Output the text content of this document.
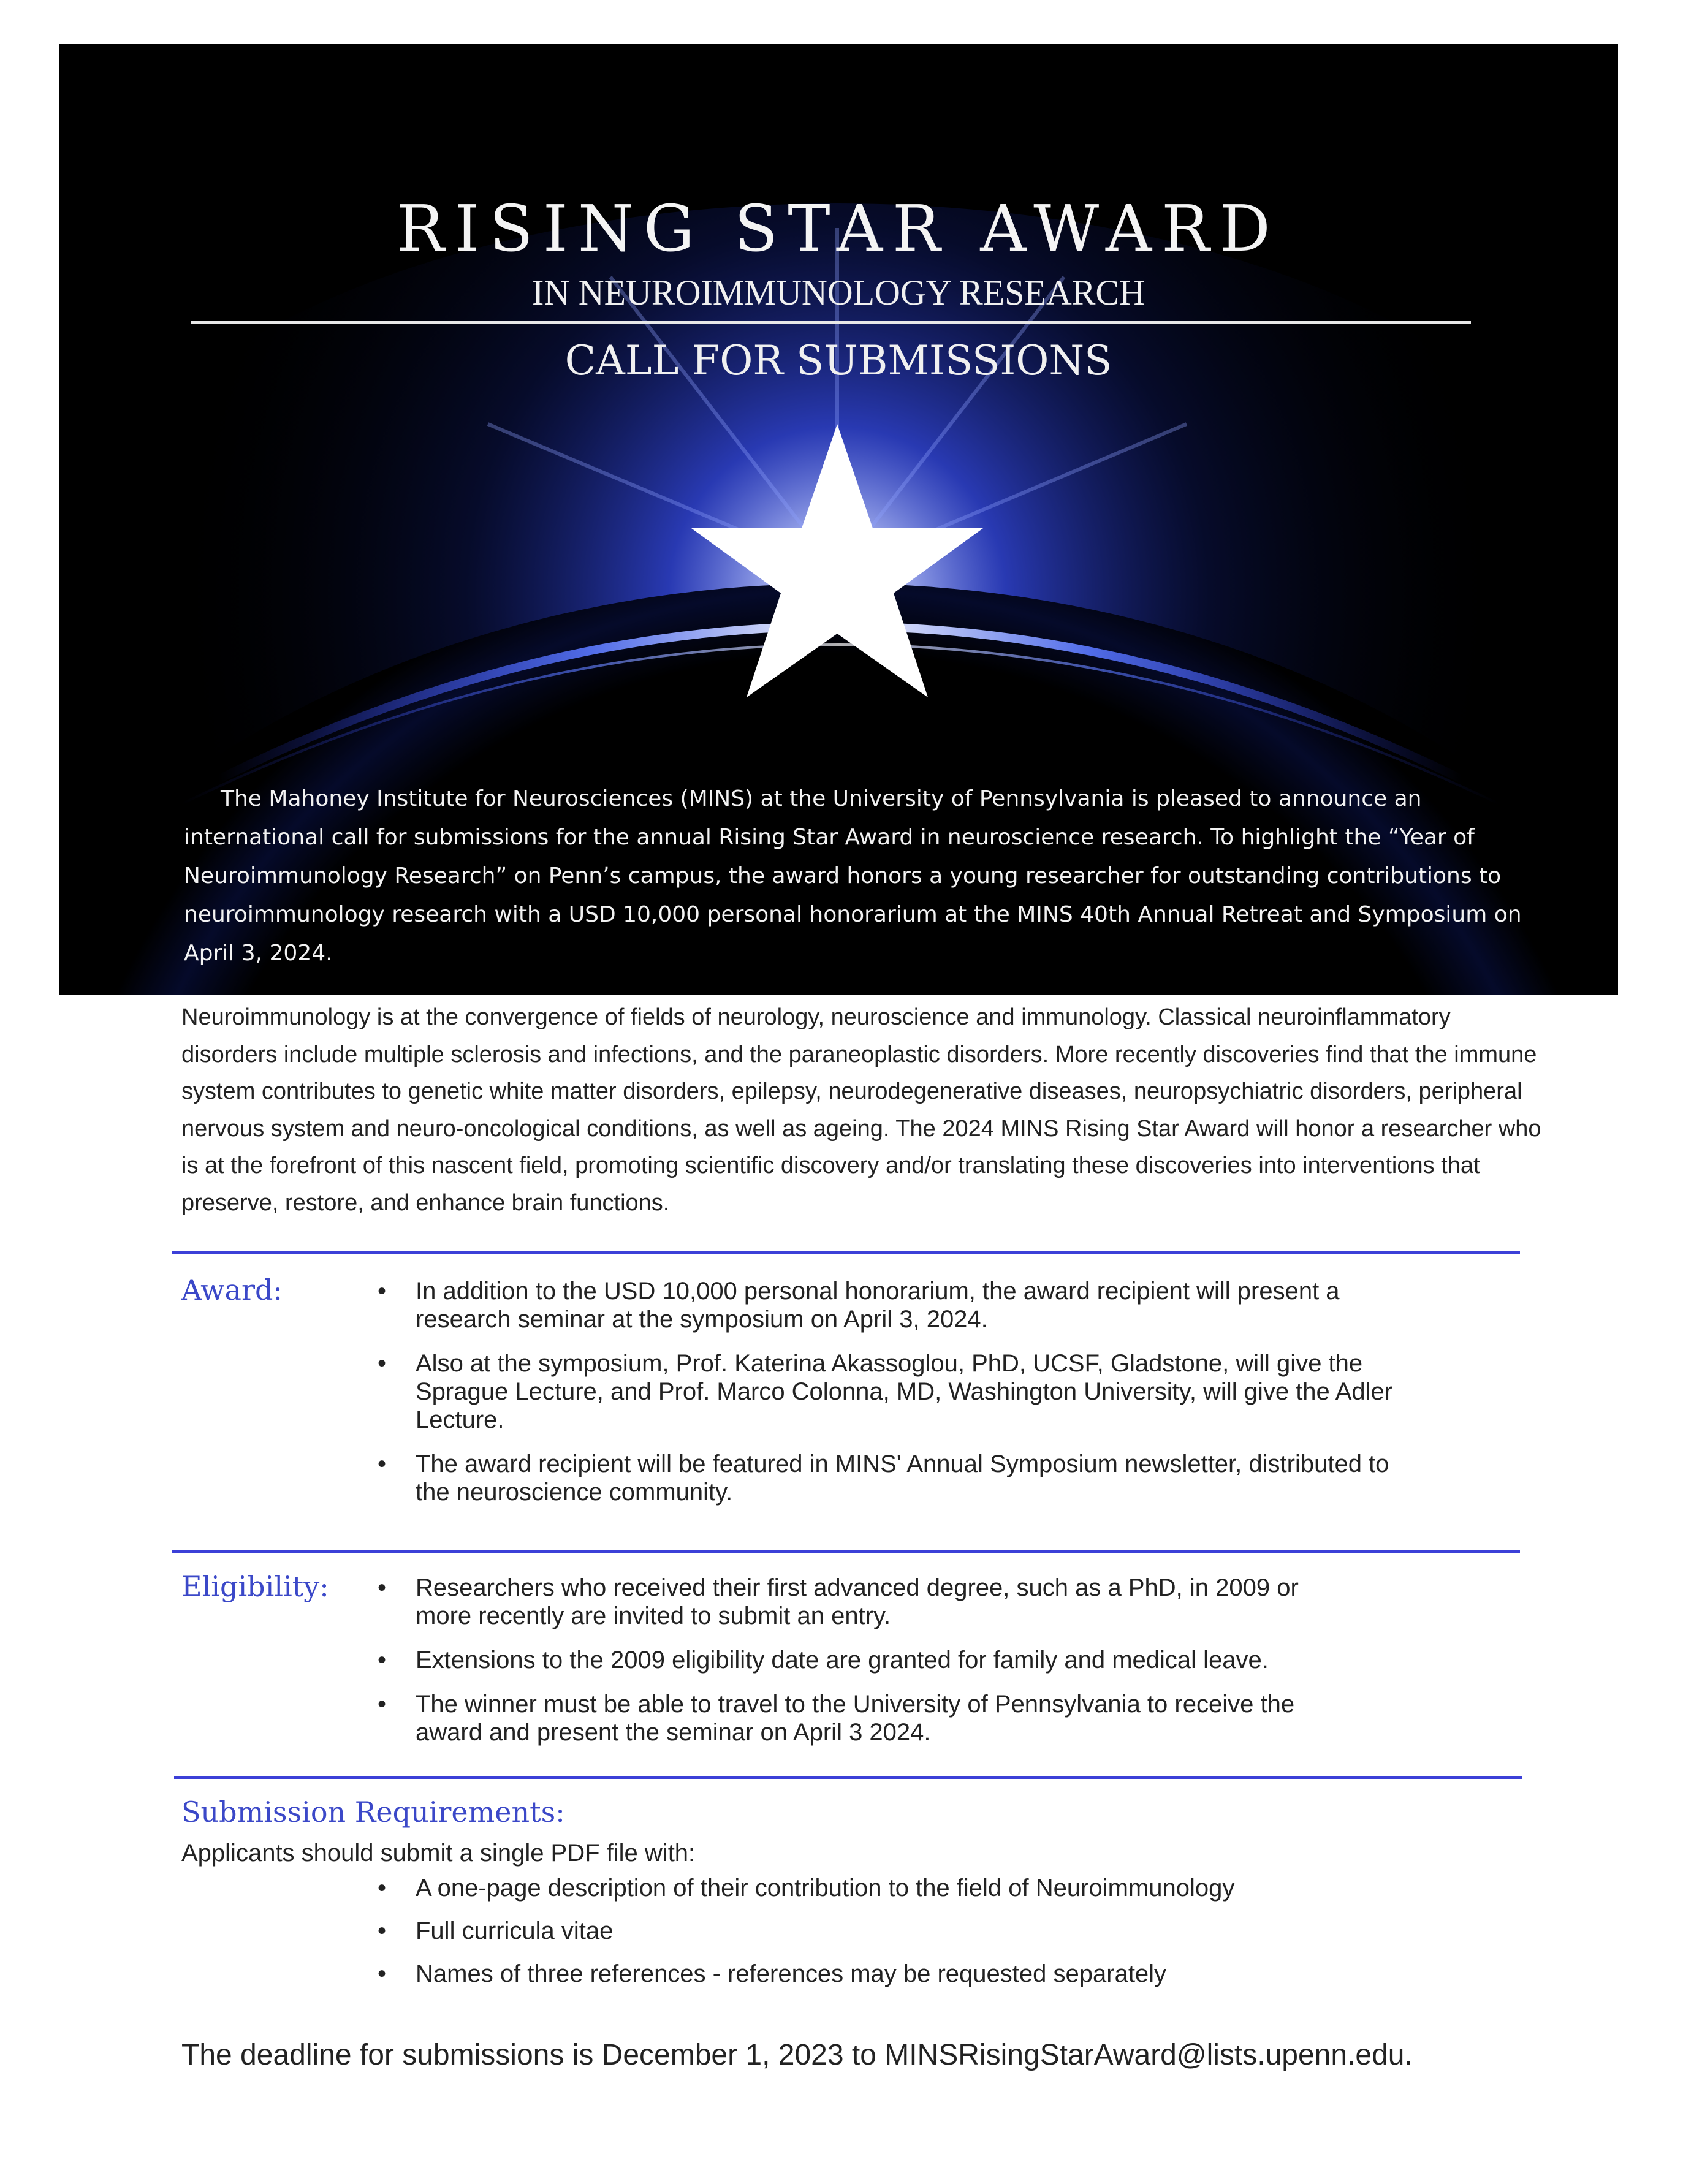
RISING STAR AWARD
IN NEUROIMMUNOLOGY RESEARCH
CALL FOR SUBMISSIONS

The Mahoney Institute for Neurosciences (MINS) at the University of Pennsylvania is pleased to announce an international call for submissions for the annual Rising Star Award in neuroscience research. To highlight the “Year of Neuroimmunology Research” on Penn’s campus, the award honors a young researcher for outstanding contributions to neuroimmunology research with a USD 10,000 personal honorarium at the MINS 40th Annual Retreat and Symposium on April 3, 2024.

Neuroimmunology is at the convergence of fields of neurology, neuroscience and immunology. Classical neuroinflammatory disorders include multiple sclerosis and infections, and the paraneoplastic disorders. More recently discoveries find that the immune system contributes to genetic white matter disorders, epilepsy, neurodegenerative diseases, neuropsychiatric disorders, peripheral nervous system and neuro-oncological conditions, as well as ageing. The 2024 MINS Rising Star Award will honor a researcher who is at the forefront of this nascent field, promoting scientific discovery and/or translating these discoveries into interventions that preserve, restore, and enhance brain functions.

Award:	• In addition to the USD 10,000 personal honorarium, the award recipient will present a research seminar at the symposium on April 3, 2024.
• Also at the symposium, Prof. Katerina Akassoglou, PhD, UCSF, Gladstone, will give the Sprague Lecture, and Prof. Marco Colonna, MD, Washington University, will give the Adler Lecture.
• The award recipient will be featured in MINS' Annual Symposium newsletter, distributed to the neuroscience community.
Eligibility: • Researchers who received their first advanced degree, such as a PhD, in 2009 or more recently are invited to submit an entry.
• Extensions to the 2009 eligibility date are granted for family and medical leave.
• The winner must be able to travel to the University of Pennsylvania to receive the award and present the seminar on April 3 2024.
Submission Requirements:

Applicants should submit a single PDF file with:

• A one-page description of their contribution to the field of Neuroimmunology
• Full curricula vitae
• Names of three references - references may be requested separately

The deadline for submissions is December 1, 2023 to MINSRisingStarAward@lists.upenn.edu.
